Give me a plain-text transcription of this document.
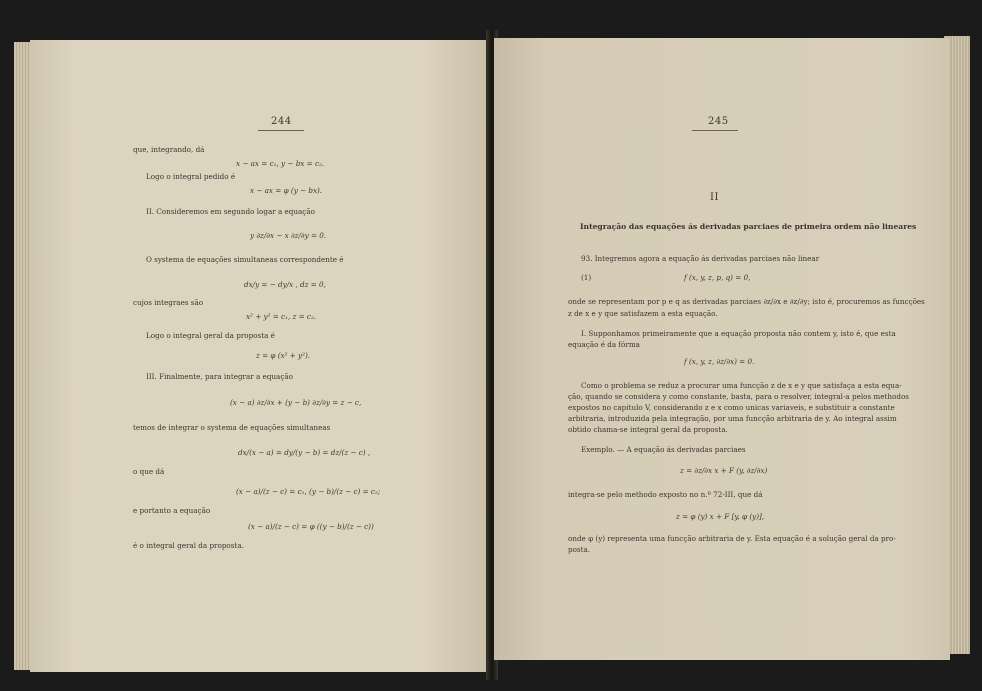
244
que, integrando, dá
x − ax = c₁, y − bx = c₂.
Logo o integral pedido é
x − ax = φ (y − bx).
II. Consideremos em segundo logar a equação
y ∂z/∂x − x ∂z/∂y = 0.
O systema de equações simultaneas correspondente é
dx/y = − dy/x , dz = 0,
cujos integraes são
x² + y² = c₁, z = c₂.
Logo o integral geral da proposta é
z = φ (x² + y²).
III. Finalmente, para integrar a equação
(x − a) ∂z/∂x + (y − b) ∂z/∂y = z − c,
temos de integrar o systema de equações simultaneas
dx/(x − a) = dy/(y − b) = dz/(z − c) ,
o que dá
(x − a)/(z − c) = c₁, (y − b)/(z − c) = c₂;
e portanto a equação
(x − a)/(z − c) = φ ((y − b)/(z − c))
é o integral geral da proposta.
245
II
Integração das equações ás derivadas parciaes de primeira ordem não lineares
93. Integremos agora a equação ás derivadas parciaes não linear
(1)	f (x, y, z, p, q) = 0,
onde se representam por p e q as derivadas parciaes ∂z/∂x e ∂z/∂y; isto é, procuremos as funcções
z de x e y que satisfazem a esta equação.
I. Supponhamos primeiramente que a equação proposta não contem y, isto é, que esta
equação é da fórma
f (x, y, z, ∂z/∂x) = 0.
Como o problema se reduz a procurar uma funcção z de x e y que satisfaça a esta equa-
ção, quando se considera y como constante, basta, para o resolver, integral-a pelos methodos
expostos no capitulo V, considerando z e x como unicas variaveis, e substituir a constante
arbitraria, introduzida pela integração, por uma funcção arbitraria de y. Ao integral assim
obtido chama-se integral geral da proposta.
Exemplo. — A equação ás derivadas parciaes
z = ∂z/∂x x + F (y, ∂z/∂x)
integra-se pelo methodo exposto no n.º 72-III, que dá
z = φ (y) x + F [y, φ (y)],
onde φ (y) representa uma funcção arbitraria de y. Esta equação é a solução geral da pro-
posta.
